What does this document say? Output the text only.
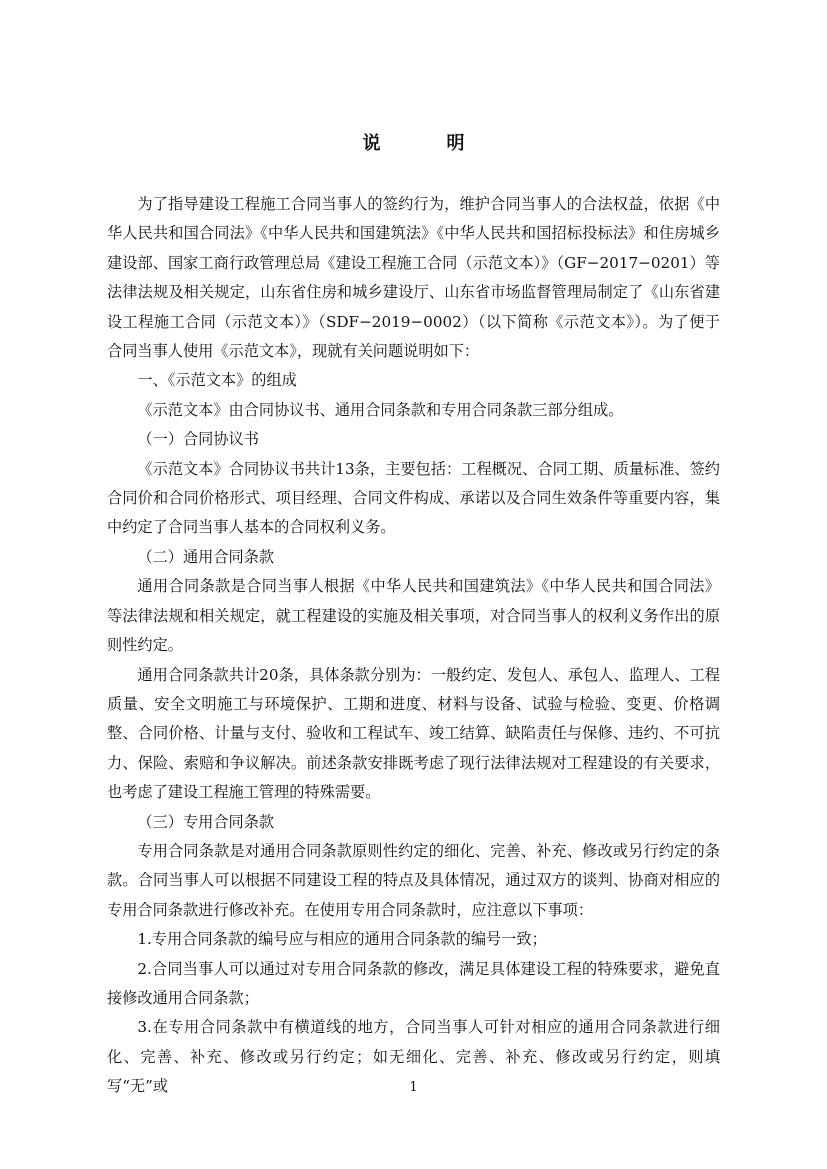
说　明

为了指导建设工程施工合同当事人的签约行为，维护合同当事人的合法权益，依据《中华人民共和国合同法》《中华人民共和国建筑法》《中华人民共和国招标投标法》和住房城乡建设部、国家工商行政管理总局《建设工程施工合同（示范文本）》（GF−2017−0201）等法律法规及相关规定，山东省住房和城乡建设厅、山东省市场监督管理局制定了《山东省建设工程施工合同（示范文本）》（SDF−2019−0002）（以下简称《示范文本》）。为了便于合同当事人使用《示范文本》，现就有关问题说明如下：

一、《示范文本》的组成

《示范文本》由合同协议书、通用合同条款和专用合同条款三部分组成。

（一）合同协议书

《示范文本》合同协议书共计13条，主要包括：工程概况、合同工期、质量标准、签约合同价和合同价格形式、项目经理、合同文件构成、承诺以及合同生效条件等重要内容，集中约定了合同当事人基本的合同权利义务。

（二）通用合同条款

通用合同条款是合同当事人根据《中华人民共和国建筑法》《中华人民共和国合同法》等法律法规和相关规定，就工程建设的实施及相关事项，对合同当事人的权利义务作出的原则性约定。

通用合同条款共计20条，具体条款分别为：一般约定、发包人、承包人、监理人、工程质量、安全文明施工与环境保护、工期和进度、材料与设备、试验与检验、变更、价格调整、合同价格、计量与支付、验收和工程试车、竣工结算、缺陷责任与保修、违约、不可抗力、保险、索赔和争议解决。前述条款安排既考虑了现行法律法规对工程建设的有关要求，也考虑了建设工程施工管理的特殊需要。

（三）专用合同条款

专用合同条款是对通用合同条款原则性约定的细化、完善、补充、修改或另行约定的条款。合同当事人可以根据不同建设工程的特点及具体情况，通过双方的谈判、协商对相应的专用合同条款进行修改补充。在使用专用合同条款时，应注意以下事项：

1.专用合同条款的编号应与相应的通用合同条款的编号一致；

2.合同当事人可以通过对专用合同条款的修改，满足具体建设工程的特殊要求，避免直接修改通用合同条款；

3.在专用合同条款中有横道线的地方，合同当事人可针对相应的通用合同条款进行细化、完善、补充、修改或另行约定；如无细化、完善、补充、修改或另行约定，则填写“无”或	1
